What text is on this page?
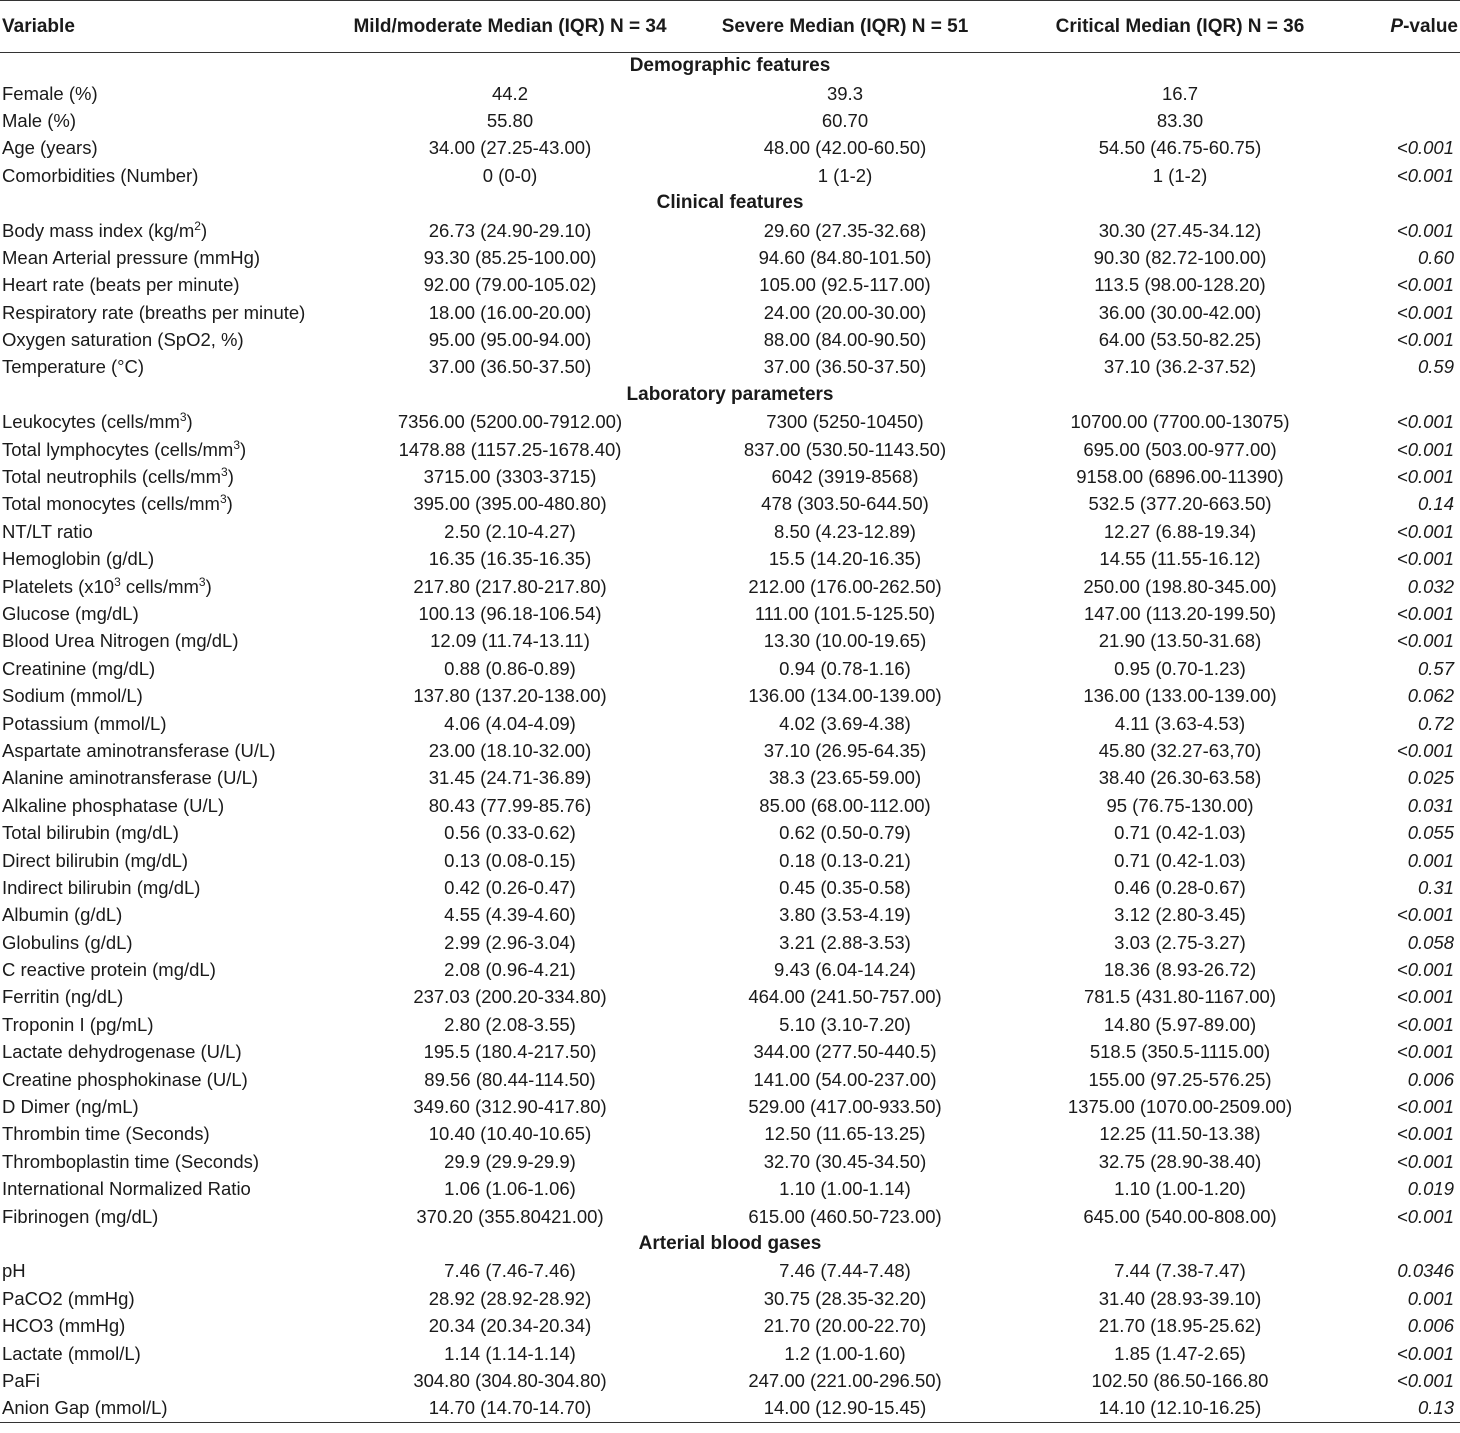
Variable	Mild/moderate Median (IQR) N = 34	Severe Median (IQR) N = 51	Critical Median (IQR) N = 36	P-value
Demographic features				
Female (%)	44.2	39.3	16.7	
Male (%)	55.80	60.70	83.30	
Age (years)	34.00 (27.25-43.00)	48.00 (42.00-60.50)	54.50 (46.75-60.75)	<0.001
Comorbidities (Number)	0 (0-0)	1 (1-2)	1 (1-2)	<0.001
Clinical features				
Body mass index $(kg/m^2)$	26.73 (24.90-29.10)	29.60 (27.35-32.68)	30.30 (27.45-34.12)	<0.001
Mean Arterial pressure (mmHg)	93.30 (85.25-100.00)	94.60 (84.80-101.50)	90.30 (82.72-100.00)	0.60
Heart rate (beats per minute)	92.00 (79.00-105.02)	105.00 (92.5-117.00)	113.5 (98.00-128.20)	<0.001
Respiratory rate (breaths per minute)	18.00 (16.00-20.00)	24.00 (20.00-30.00)	36.00 (30.00-42.00)	<0.001
Oxygen saturation (SpO2, %)	95.00 (95.00-94.00)	88.00 (84.00-90.50)	64.00 (53.50-82.25)	<0.001
Temperature (°C)	37.00 (36.50-37.50)	37.00 (36.50-37.50)	37.10 (36.2-37.52)	0.59
Laboratory parameters				
Leukocytes $(cells/mm^3)$	7356.00 (5200.00-7912.00)	7300 (5250-10450)	10700.00 (7700.00-13075)	<0.001
Total lymphocytes $(cells/mm^3)$	1478.88 (1157.25-1678.40)	837.00 (530.50-1143.50)	695.00 (503.00-977.00)	<0.001
Total neutrophils $(cells/mm^3)$	3715.00 (3303-3715)	6042 (3919-8568)	9158.00 (6896.00-11390)	<0.001
Total monocytes $(cells/mm^3)$	395.00 (395.00-480.80)	478 (303.50-644.50)	532.5 (377.20-663.50)	0.14
NT/LT ratio	2.50 (2.10-4.27)	8.50 (4.23-12.89)	12.27 (6.88-19.34)	<0.001
Hemoglobin (g/dL)	16.35 (16.35-16.35)	15.5 (14.20-16.35)	14.55 (11.55-16.12)	<0.001
Platelets ($x10^3$ cells/$mm^3$)	217.80 (217.80-217.80)	212.00 (176.00-262.50)	250.00 (198.80-345.00)	0.032
Glucose (mg/dL)	100.13 (96.18-106.54)	111.00 (101.5-125.50)	147.00 (113.20-199.50)	<0.001
Blood Urea Nitrogen (mg/dL)	12.09 (11.74-13.11)	13.30 (10.00-19.65)	21.90 (13.50-31.68)	<0.001
Creatinine (mg/dL)	0.88 (0.86-0.89)	0.94 (0.78-1.16)	0.95 (0.70-1.23)	0.57
Sodium (mmol/L)	137.80 (137.20-138.00)	136.00 (134.00-139.00)	136.00 (133.00-139.00)	0.062
Potassium (mmol/L)	4.06 (4.04-4.09)	4.02 (3.69-4.38)	4.11 (3.63-4.53)	0.72
Aspartate aminotransferase (U/L)	23.00 (18.10-32.00)	37.10 (26.95-64.35)	45.80 (32.27-63,70)	<0.001
Alanine aminotransferase (U/L)	31.45 (24.71-36.89)	38.3 (23.65-59.00)	38.40 (26.30-63.58)	0.025
Alkaline phosphatase (U/L)	80.43 (77.99-85.76)	85.00 (68.00-112.00)	95 (76.75-130.00)	0.031
Total bilirubin (mg/dL)	0.56 (0.33-0.62)	0.62 (0.50-0.79)	0.71 (0.42-1.03)	0.055
Direct bilirubin (mg/dL)	0.13 (0.08-0.15)	0.18 (0.13-0.21)	0.71 (0.42-1.03)	0.001
Indirect bilirubin (mg/dL)	0.42 (0.26-0.47)	0.45 (0.35-0.58)	0.46 (0.28-0.67)	0.31
Albumin (g/dL)	4.55 (4.39-4.60)	3.80 (3.53-4.19)	3.12 (2.80-3.45)	<0.001
Globulins (g/dL)	2.99 (2.96-3.04)	3.21 (2.88-3.53)	3.03 (2.75-3.27)	0.058
C reactive protein (mg/dL)	2.08 (0.96-4.21)	9.43 (6.04-14.24)	18.36 (8.93-26.72)	<0.001
Ferritin (ng/dL)	237.03 (200.20-334.80)	464.00 (241.50-757.00)	781.5 (431.80-1167.00)	<0.001
Troponin I (pg/mL)	2.80 (2.08-3.55)	5.10 (3.10-7.20)	14.80 (5.97-89.00)	<0.001
Lactate dehydrogenase (U/L)	195.5 (180.4-217.50)	344.00 (277.50-440.5)	518.5 (350.5-1115.00)	<0.001
Creatine phosphokinase (U/L)	89.56 (80.44-114.50)	141.00 (54.00-237.00)	155.00 (97.25-576.25)	0.006
D Dimer (ng/mL)	349.60 (312.90-417.80)	529.00 (417.00-933.50)	1375.00 (1070.00-2509.00)	<0.001
Thrombin time (Seconds)	10.40 (10.40-10.65)	12.50 (11.65-13.25)	12.25 (11.50-13.38)	<0.001
Thromboplastin time (Seconds)	29.9 (29.9-29.9)	32.70 (30.45-34.50)	32.75 (28.90-38.40)	<0.001
International Normalized Ratio	1.06 (1.06-1.06)	1.10 (1.00-1.14)	1.10 (1.00-1.20)	0.019
Fibrinogen (mg/dL)	370.20 (355.80421.00)	615.00 (460.50-723.00)	645.00 (540.00-808.00)	<0.001
Arterial blood gases				
pH	7.46 (7.46-7.46)	7.46 (7.44-7.48)	7.44 (7.38-7.47)	0.0346
PaCO2 (mmHg)	28.92 (28.92-28.92)	30.75 (28.35-32.20)	31.40 (28.93-39.10)	0.001
HCO3 (mmHg)	20.34 (20.34-20.34)	21.70 (20.00-22.70)	21.70 (18.95-25.62)	0.006
Lactate (mmol/L)	1.14 (1.14-1.14)	1.2 (1.00-1.60)	1.85 (1.47-2.65)	<0.001
PaFi	304.80 (304.80-304.80)	247.00 (221.00-296.50)	102.50 (86.50-166.80	<0.001
Anion Gap (mmol/L)	14.70 (14.70-14.70)	14.00 (12.90-15.45)	14.10 (12.10-16.25)	0.13
